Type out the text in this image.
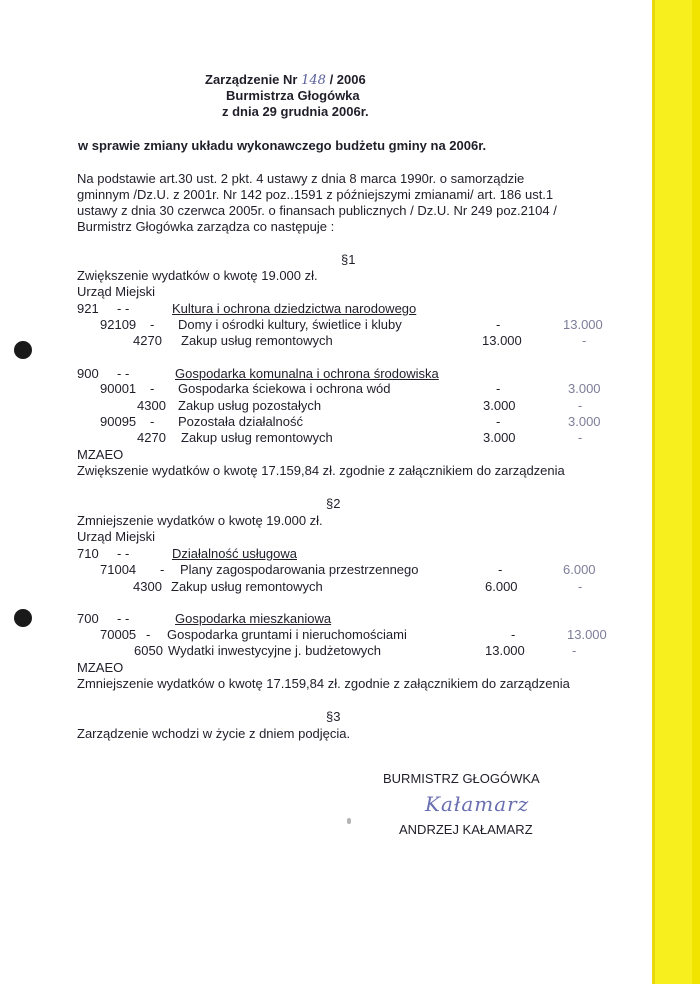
Zarządzenie Nr 148 / 2006
Burmistrza Głogówka
z dnia 29 grudnia 2006r.
w sprawie zmiany układu wykonawczego budżetu gminy na 2006r.
Na podstawie art.30 ust. 2 pkt. 4 ustawy z dnia 8 marca 1990r. o samorządzie
gminnym /Dz.U. z 2001r. Nr 142 poz..1591 z późniejszymi zmianami/ art. 186 ust.1
ustawy z dnia 30 czerwca 2005r. o finansach publicznych / Dz.U. Nr 249 poz.2104 /
Burmistrz Głogówka zarządza co następuje :
§1
Zwiększenie wydatków o kwotę 19.000 zł.
Urząd Miejski
921 - -	Kultura i ochrona dziedzictwa narodowego
92109 - Domy i ośrodki kultury, świetlice i kluby	-	13.000
4270 Zakup usług remontowych	13.000	-
900 - -	Gospodarka komunalna i ochrona środowiska
90001 - Gospodarka ściekowa i ochrona wód	-	3.000
4300 Zakup usług pozostałych	3.000	-
90095 - Pozostała działalność	-	3.000
4270 Zakup usług remontowych	3.000	-
MZAEO
Zwiększenie wydatków o kwotę 17.159,84 zł. zgodnie z załącznikiem do zarządzenia
§2
Zmniejszenie wydatków o kwotę 19.000 zł.
Urząd Miejski
710 - -	Działalność usługowa
71004 - Plany zagospodarowania przestrzennego	-	6.000
4300 Zakup usług remontowych	6.000	-
700 - -	Gospodarka mieszkaniowa
70005 - Gospodarka gruntami i nieruchomościami	-	13.000
6050 Wydatki inwestycyjne j. budżetowych	13.000	-
MZAEO
Zmniejszenie wydatków o kwotę 17.159,84 zł. zgodnie z załącznikiem do zarządzenia
§3
Zarządzenie wchodzi w życie z dniem podjęcia.
BURMISTRZ GŁOGÓWKA
Kałamarz
ANDRZEJ KAŁAMARZ
